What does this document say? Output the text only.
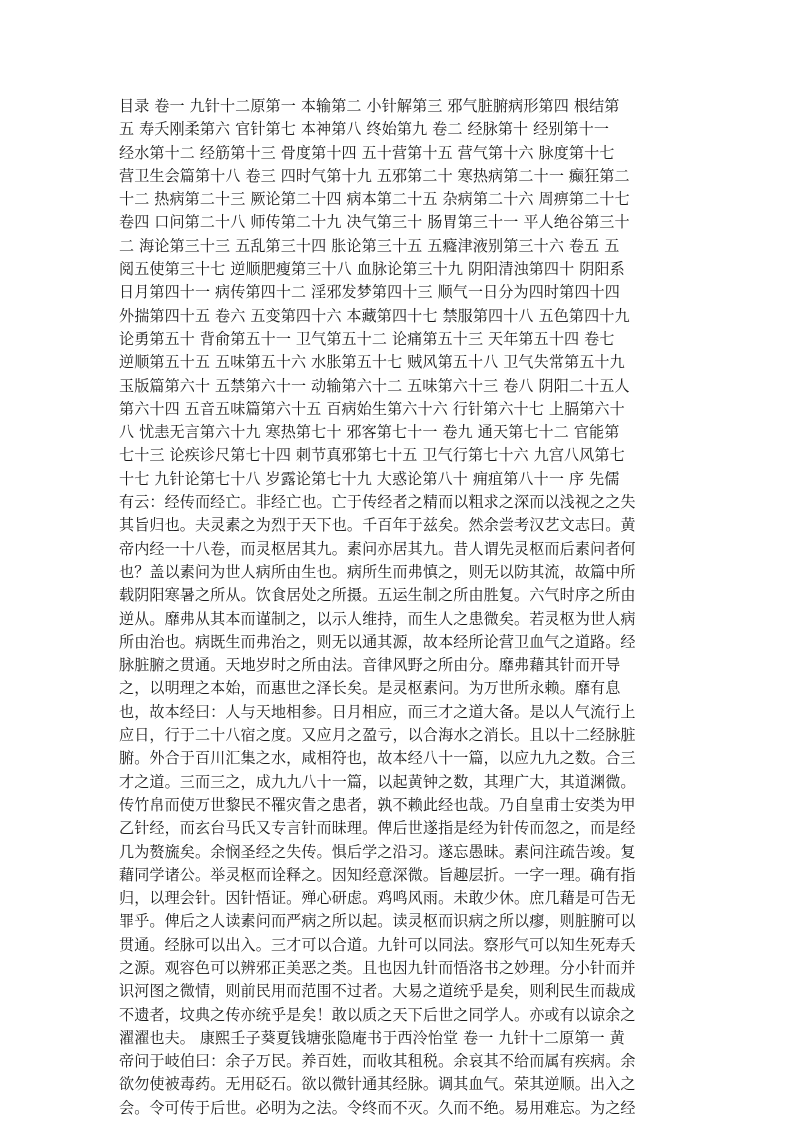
目录 卷一 九针十二原第一 本输第二 小针解第三 邪气脏腑病形第四 根结第
五 寿夭刚柔第六 官针第七 本神第八 终始第九 卷二 经脉第十 经别第十一
经水第十二 经筋第十三 骨度第十四 五十营第十五 营气第十六 脉度第十七
营卫生会篇第十八 卷三 四时气第十九 五邪第二十 寒热病第二十一 癫狂第二
十二 热病第二十三 厥论第二十四 病本第二十五 杂病第二十六 周痹第二十七
卷四 口问第二十八 师传第二十九 决气第三十 肠胃第三十一 平人绝谷第三十
二 海论第三十三 五乱第三十四 胀论第三十五 五癃津液别第三十六 卷五 五
阅五使第三十七 逆顺肥瘦第三十八 血脉论第三十九 阴阳清浊第四十 阴阳系
日月第四十一 病传第四十二 淫邪发梦第四十三 顺气一日分为四时第四十四
外揣第四十五 卷六 五变第四十六 本藏第四十七 禁服第四十八 五色第四十九
论勇第五十 背俞第五十一 卫气第五十二 论痛第五十三 天年第五十四 卷七
逆顺第五十五 五味第五十六 水胀第五十七 贼风第五十八 卫气失常第五十九
玉版篇第六十 五禁第六十一 动输第六十二 五味第六十三 卷八 阴阳二十五人
第六十四 五音五味篇第六十五 百病始生第六十六 行针第六十七 上膈第六十
八 忧恚无言第六十九 寒热第七十 邪客第七十一 卷九 通天第七十二 官能第
七十三 论疾诊尺第七十四 刺节真邪第七十五 卫气行第七十六 九宫八风第七
十七 九针论第七十八 岁露论第七十九 大惑论第八十 痈疽第八十一 序 先儒
有云：经传而经亡。非经亡也。亡于传经者之精而以粗求之深而以浅视之之失
其旨归也。夫灵素之为烈于天下也。千百年于兹矣。然余尝考汉艺文志曰。黄
帝内经一十八卷，而灵枢居其九。素问亦居其九。昔人谓先灵枢而后素问者何
也？盖以素问为世人病所由生也。病所生而弗慎之，则无以防其流，故篇中所
载阴阳寒暑之所从。饮食居处之所摄。五运生制之所由胜复。六气时序之所由
逆从。靡弗从其本而谨制之，以示人维持，而生人之患微矣。若灵枢为世人病
所由治也。病既生而弗治之，则无以通其源，故本经所论营卫血气之道路。经
脉脏腑之贯通。天地岁时之所由法。音律风野之所由分。靡弗藉其针而开导
之，以明理之本始，而惠世之泽长矣。是灵枢素问。为万世所永赖。靡有息
也，故本经曰：人与天地相参。日月相应，而三才之道大备。是以人气流行上
应日，行于二十八宿之度。又应月之盈亏，以合海水之消长。且以十二经脉脏
腑。外合于百川汇集之水，咸相符也，故本经八十一篇，以应九九之数。合三
才之道。三而三之，成九九八十一篇，以起黄钟之数，其理广大，其道渊微。
传竹帛而使万世黎民不罹灾眚之患者，孰不赖此经也哉。乃自皇甫士安类为甲
乙针经，而玄台马氏又专言针而昧理。俾后世遂指是经为针传而忽之，而是经
几为赘旒矣。余悯圣经之失传。惧后学之沿习。遂忘愚昧。素问注疏告竣。复
藉同学诸公。举灵枢而诠释之。因知经意深微。旨趣层折。一字一理。确有指
归，以理会针。因针悟证。殚心研虑。鸡鸣风雨。未敢少休。庶几藉是可告无
罪乎。俾后之人读素问而严病之所以起。读灵枢而识病之所以瘳，则脏腑可以
贯通。经脉可以出入。三才可以合道。九针可以同法。察形气可以知生死寿夭
之源。观容色可以辨邪正美恶之类。且也因九针而悟洛书之妙理。分小针而并
识河图之微情，则前民用而范围不过者。大易之道统乎是矣，则利民生而裁成
不遗者，坟典之传亦统乎是矣！敢以质之天下后世之同学人。亦或有以谅余之
濯濯也夫。 康熙壬子葵夏钱塘张隐庵书于西泠怡堂 卷一 九针十二原第一 黄
帝问于岐伯曰：余子万民。养百姓，而收其租税。余哀其不给而属有疾病。余
欲勿使被毒药。无用砭石。欲以微针通其经脉。调其血气。荣其逆顺。出入之
会。令可传于后世。必明为之法。令终而不灭。久而不绝。易用难忘。为之经
